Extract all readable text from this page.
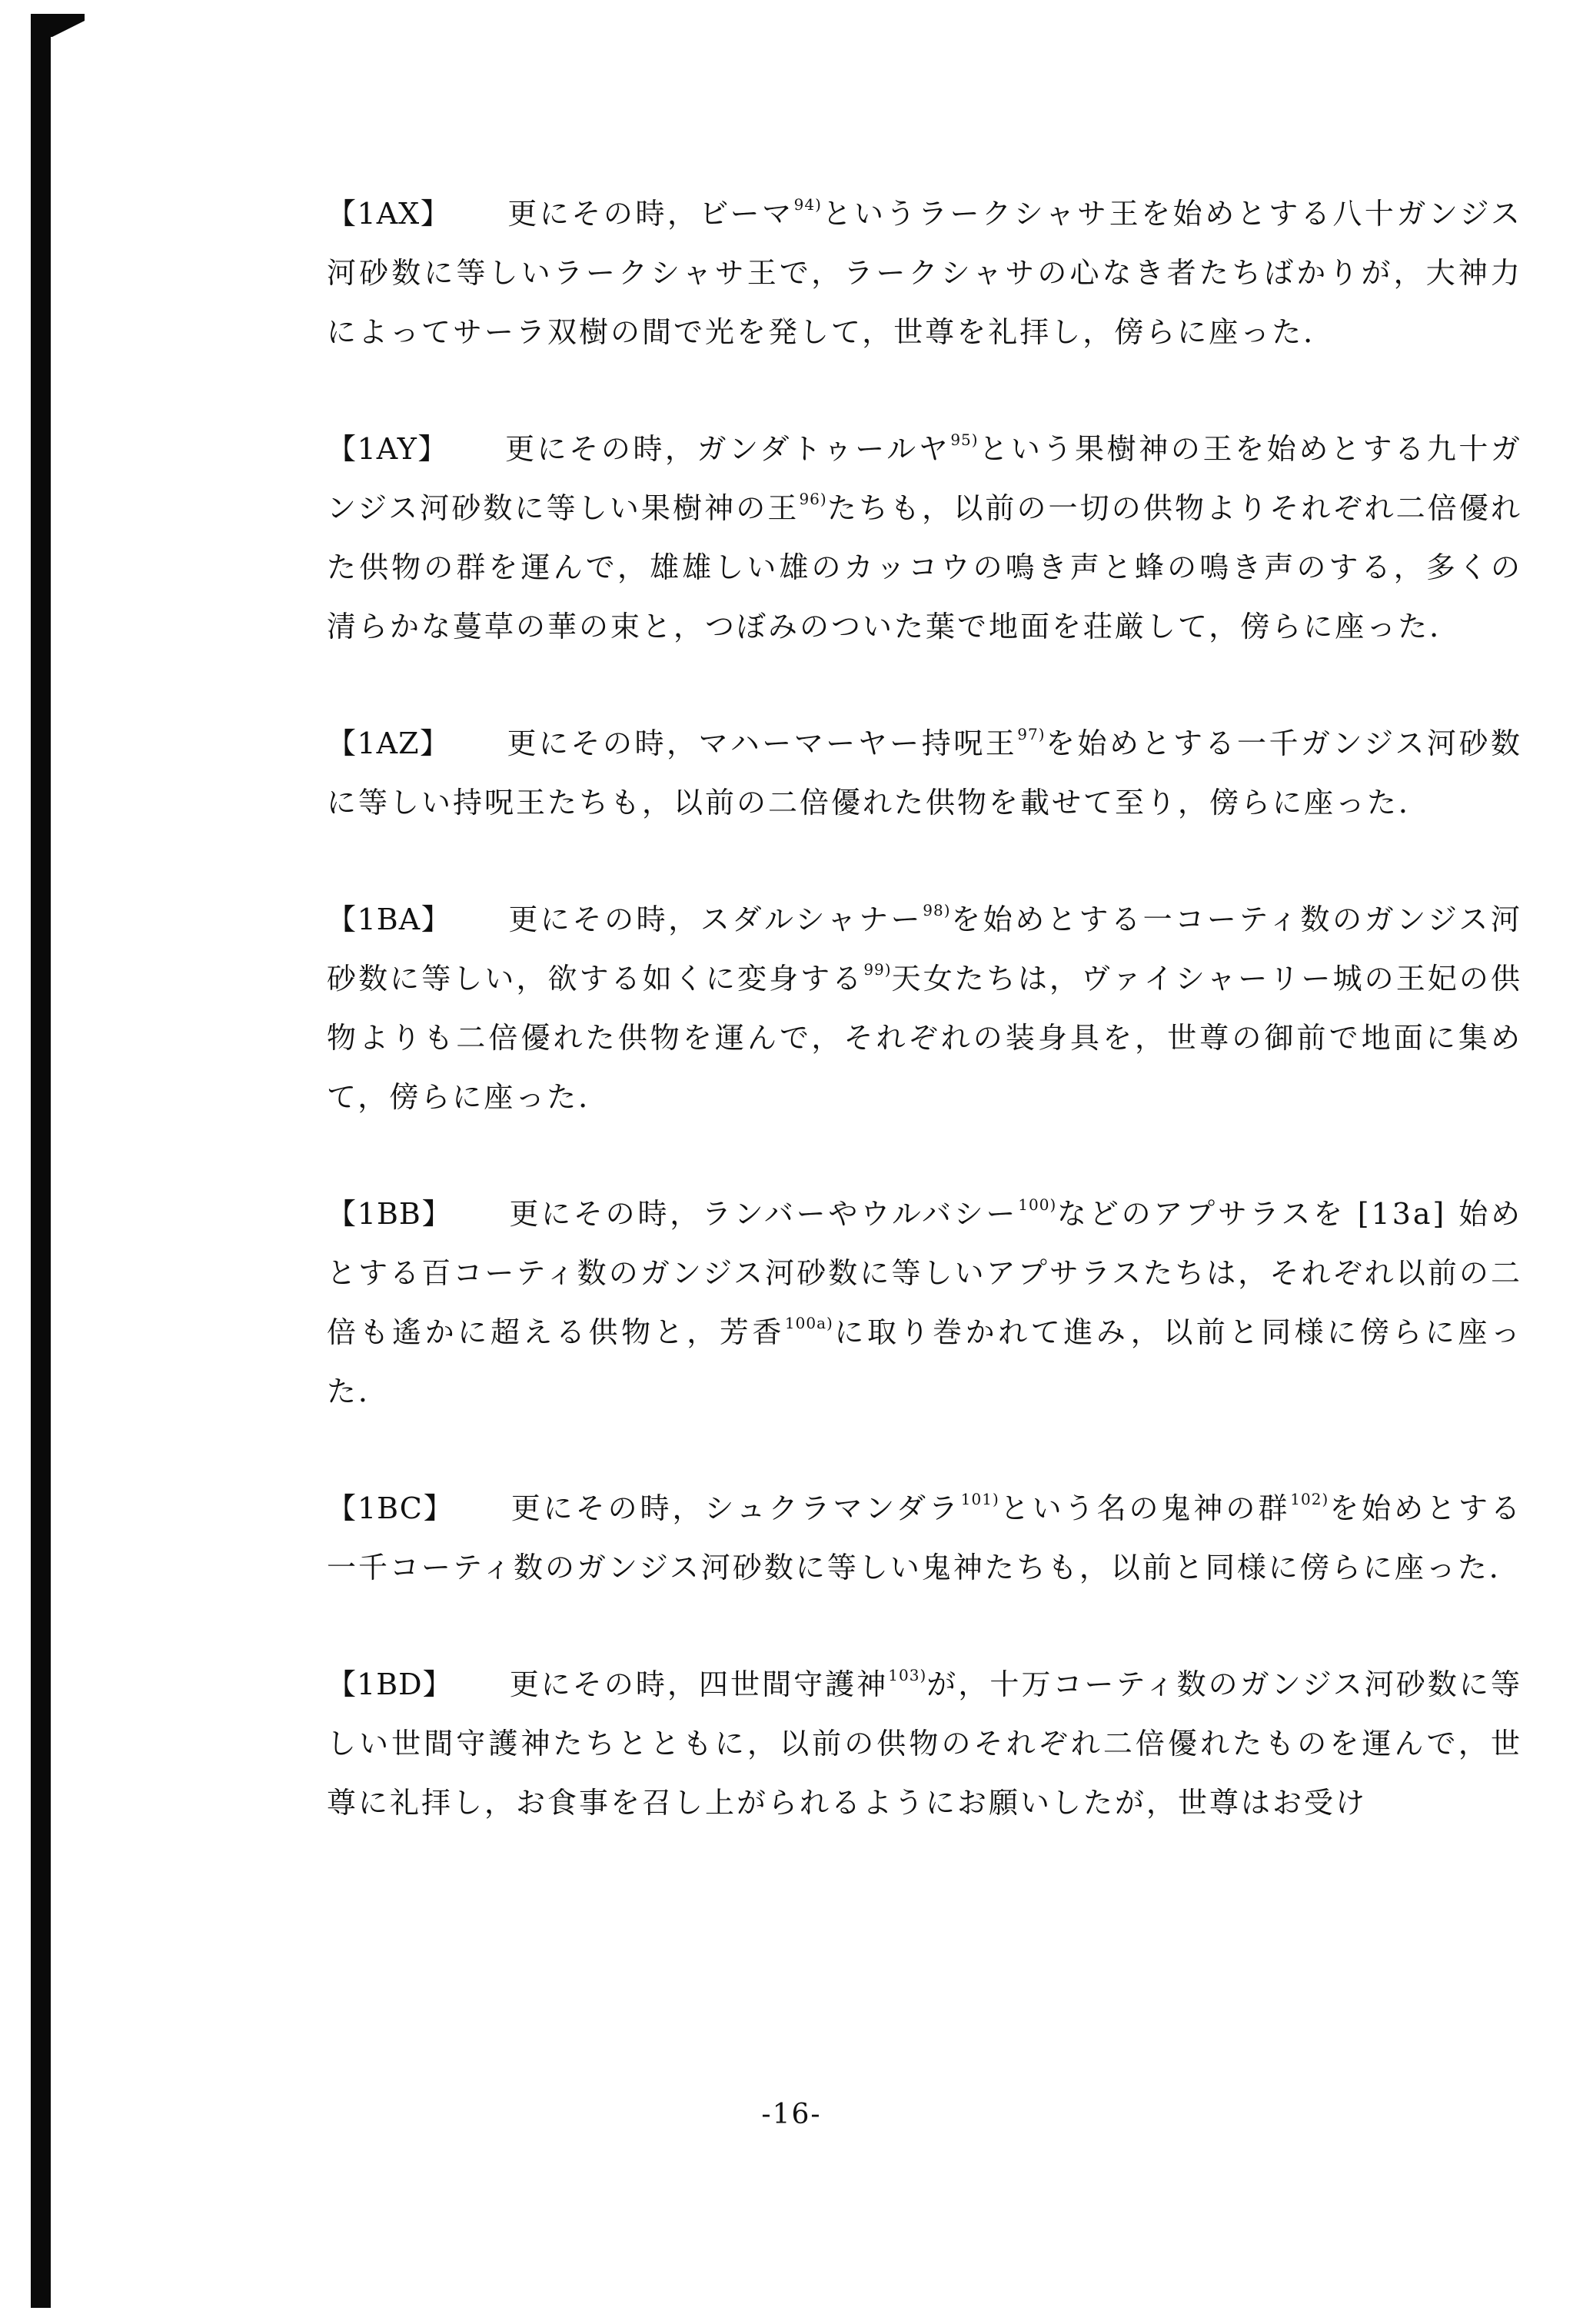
【1AX】 更にその時，ビーマ$^{94)}$というラークシャサ王を始めとする八十ガンジス河砂数に等しいラークシャサ王で，ラークシャサの心なき者たちばかりが，大神力によってサーラ双樹の間で光を発して，世尊を礼拝し，傍らに座った．

【1AY】 更にその時，ガンダトゥールヤ$^{95)}$という果樹神の王を始めとする九十ガンジス河砂数に等しい果樹神の王$^{96)}$たちも，以前の一切の供物よりそれぞれ二倍優れた供物の群を運んで，雄雄しい雄のカッコウの鳴き声と蜂の鳴き声のする，多くの清らかな蔓草の華の束と，つぼみのついた葉で地面を荘厳して，傍らに座った．

【1AZ】 更にその時，マハーマーヤー持呪王$^{97)}$を始めとする一千ガンジス河砂数に等しい持呪王たちも，以前の二倍優れた供物を載せて至り，傍らに座った．

【1BA】 更にその時，スダルシャナー$^{98)}$を始めとする一コーティ数のガンジス河砂数に等しい，欲する如くに変身する$^{99)}$天女たちは，ヴァイシャーリー城の王妃の供物よりも二倍優れた供物を運んで，それぞれの装身具を，世尊の御前で地面に集めて，傍らに座った．

【1BB】 更にその時，ランバーやウルバシー$^{100)}$などのアプサラスを [13a] 始めとする百コーティ数のガンジス河砂数に等しいアプサラスたちは，それぞれ以前の二倍も遙かに超える供物と，芳香$^{100a)}$に取り巻かれて進み，以前と同様に傍らに座った．

【1BC】 更にその時，シュクラマンダラ$^{101)}$という名の鬼神の群$^{102)}$を始めとする一千コーティ数のガンジス河砂数に等しい鬼神たちも，以前と同様に傍らに座った．

【1BD】 更にその時，四世間守護神$^{103)}$が，十万コーティ数のガンジス河砂数に等しい世間守護神たちとともに，以前の供物のそれぞれ二倍優れたものを運んで，世尊に礼拝し，お食事を召し上がられるようにお願いしたが，世尊はお受け

-16-
